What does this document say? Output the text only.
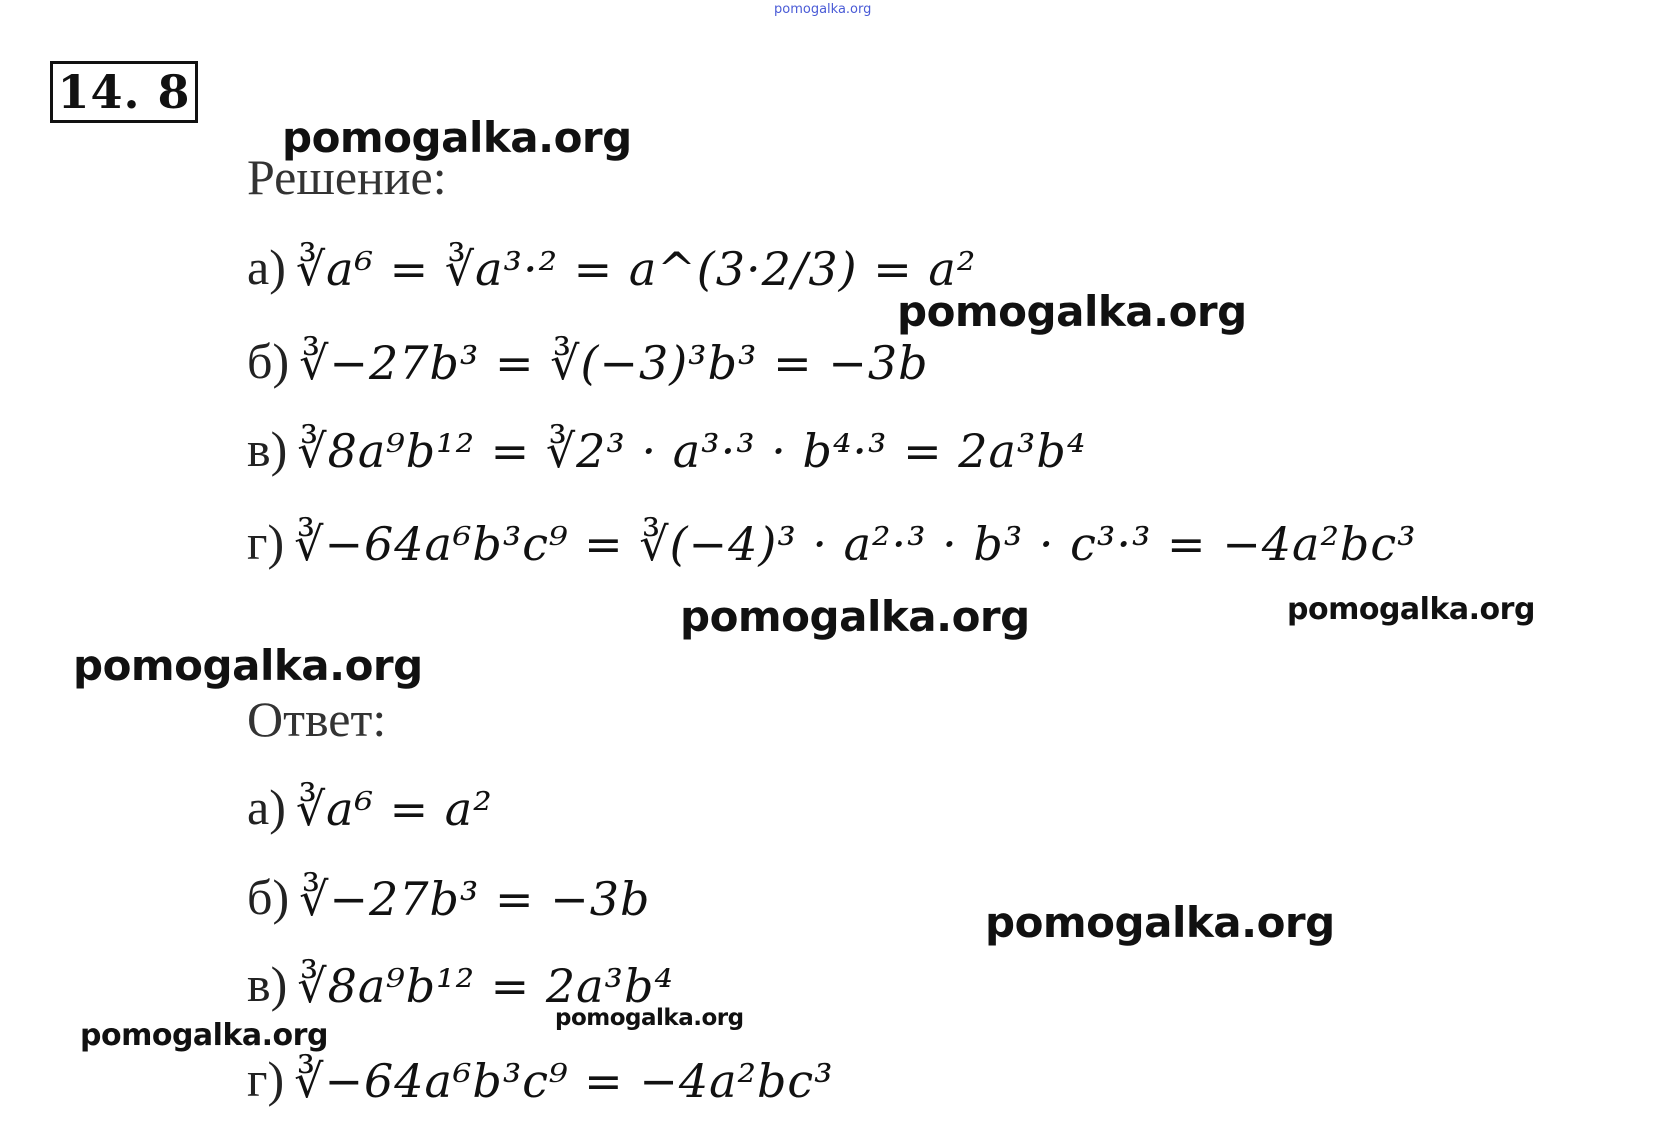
pomogalka.org
14. 8
pomogalka.org
Решение:
а) ∛a⁶ = ∛a³·² = a^(3·2/3) = a²
pomogalka.org
б) ∛−27b³ = ∛(−3)³b³ = −3b
в) ∛8a⁹b¹² = ∛2³ · a³·³ · b⁴·³ = 2a³b⁴
г) ∛−64a⁶b³c⁹ = ∛(−4)³ · a²·³ · b³ · c³·³ = −4a²bc³
pomogalka.org	pomogalka.org
pomogalka.org
Ответ:
а) ∛a⁶ = a²
б) ∛−27b³ = −3b	pomogalka.org
в) ∛8a⁹b¹² = 2a³b⁴
pomogalka.org
pomogalka.org
г) ∛−64a⁶b³c⁹ = −4a²bc³
